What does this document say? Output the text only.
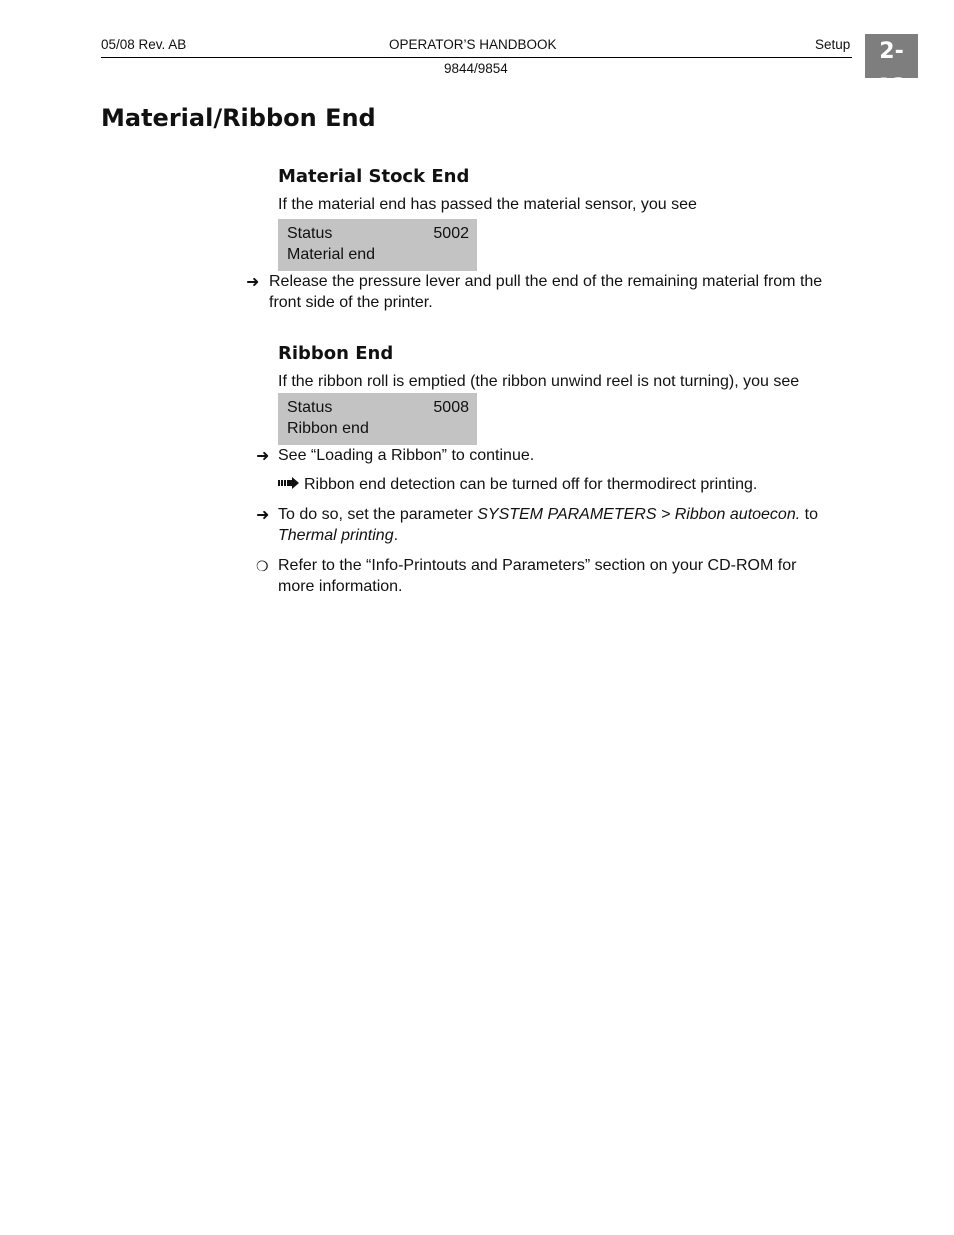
05/08 Rev. AB	OPERATOR’S HANDBOOK	Setup
9844/9854
2-13
Material/Ribbon End
Material Stock End
If the material end has passed the material sensor, you see
Status	5002
Material end
➜ Release the pressure lever and pull the end of the remaining material from the
front side of the printer.
Ribbon End
If the ribbon roll is emptied (the ribbon unwind reel is not turning), you see
Status	5008
Ribbon end
➜ See “Loading a Ribbon” to continue.
Ribbon end detection can be turned off for thermodirect printing.
➜ To do so, set the parameter SYSTEM PARAMETERS > Ribbon autoecon. to
Thermal printing.
❍ Refer to the “Info-Printouts and Parameters” section on your CD-ROM for
more information.
